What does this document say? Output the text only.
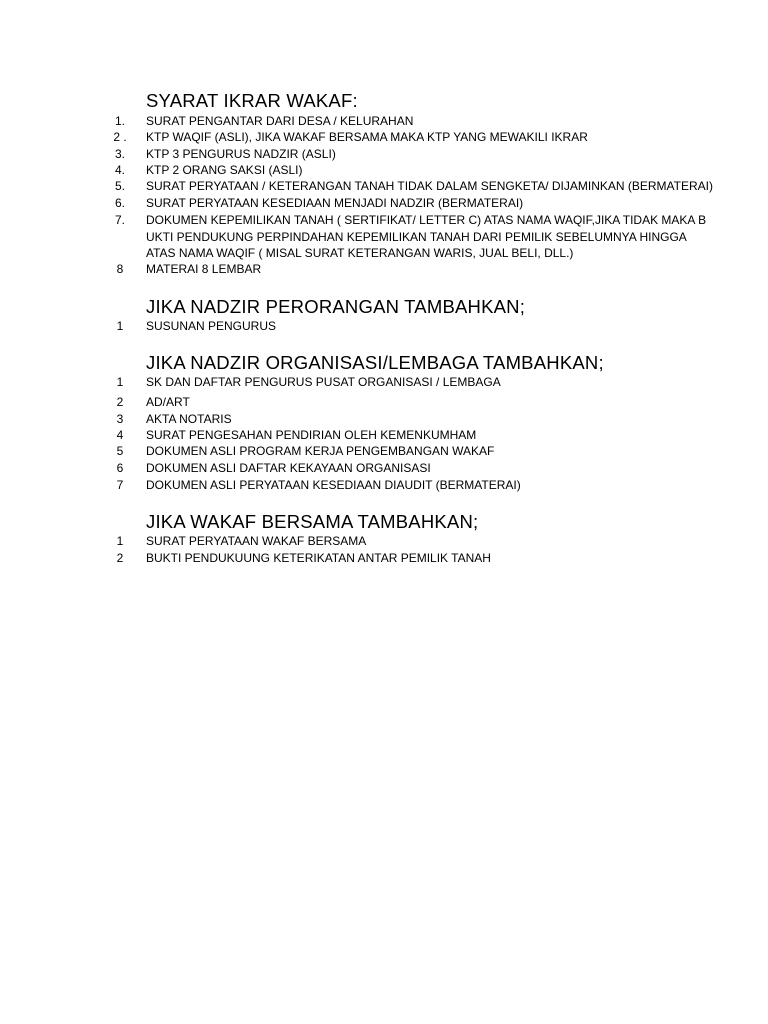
SYARAT IKRAR WAKAF:
1.	SURAT PENGANTAR DARI DESA / KELURAHAN
2 .	KTP WAQIF (ASLI), JIKA WAKAF BERSAMA MAKA KTP YANG MEWAKILI IKRAR
3.	KTP 3 PENGURUS NADZIR (ASLI)
4.	KTP 2 ORANG SAKSI (ASLI)
5.	SURAT PERYATAAN / KETERANGAN TANAH TIDAK DALAM SENGKETA/ DIJAMINKAN (BERMATERAI)
6.	SURAT PERYATAAN KESEDIAAN MENJADI NADZIR (BERMATERAI)
7.	DOKUMEN KEPEMILIKAN TANAH ( SERTIFIKAT/ LETTER C) ATAS NAMA WAQIF,JIKA TIDAK MAKA B
UKTI PENDUKUNG PERPINDAHAN KEPEMILIKAN TANAH DARI PEMILIK SEBELUMNYA HINGGA
ATAS NAMA WAQIF ( MISAL SURAT KETERANGAN WARIS, JUAL BELI, DLL.)
8	MATERAI 8 LEMBAR
JIKA NADZIR PERORANGAN TAMBAHKAN;
1	SUSUNAN PENGURUS
JIKA NADZIR ORGANISASI/LEMBAGA TAMBAHKAN;
1	SK DAN DAFTAR PENGURUS PUSAT ORGANISASI / LEMBAGA
2	AD/ART
3	AKTA NOTARIS
4	SURAT PENGESAHAN PENDIRIAN OLEH KEMENKUMHAM
5	DOKUMEN ASLI PROGRAM KERJA PENGEMBANGAN WAKAF
6	DOKUMEN ASLI DAFTAR KEKAYAAN ORGANISASI
7	DOKUMEN ASLI PERYATAAN KESEDIAAN DIAUDIT (BERMATERAI)
JIKA WAKAF BERSAMA TAMBAHKAN;
1	SURAT PERYATAAN WAKAF BERSAMA
2	BUKTI PENDUKUUNG KETERIKATAN ANTAR PEMILIK TANAH
